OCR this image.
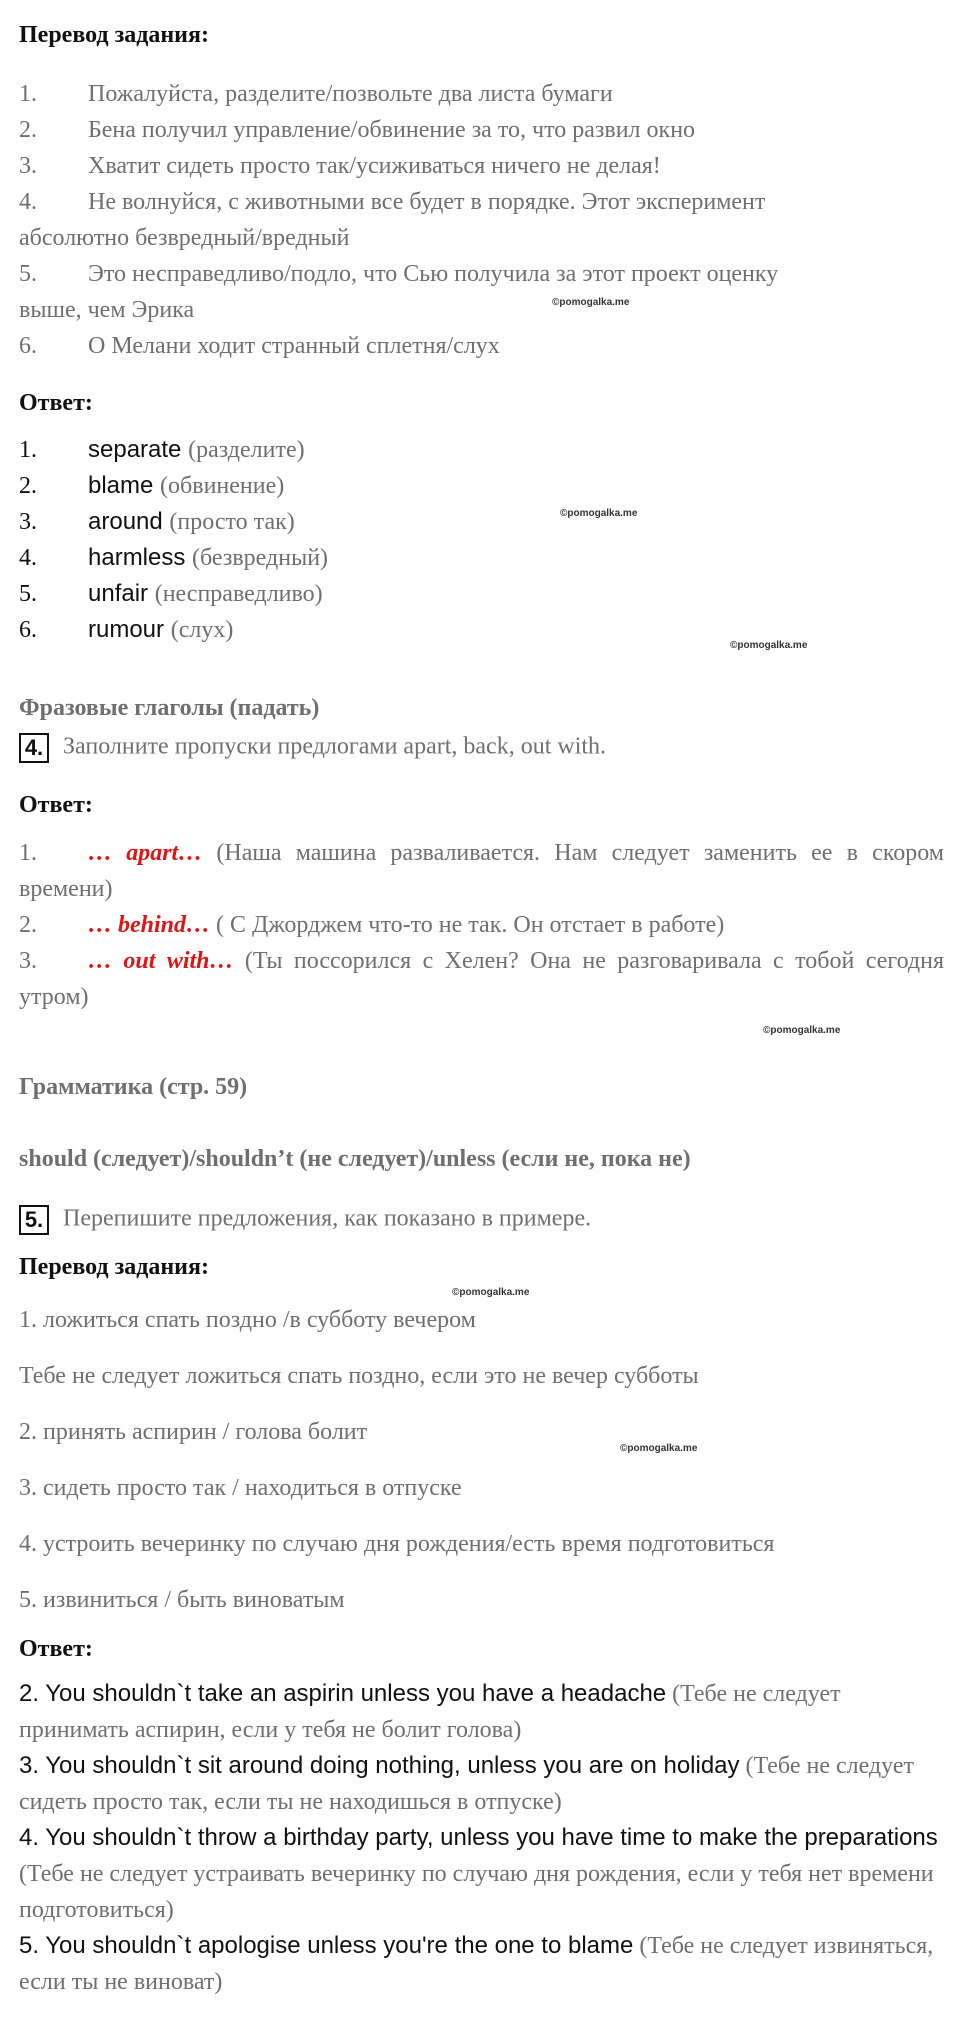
Перевод задания:
1. Пожалуйста, разделите/позвольте два листа бумаги
2. Бена получил управление/обвинение за то, что развил окно
3. Хватит сидеть просто так/усиживаться ничего не делая!
4. Не волнуйся, с животными все будет в порядке. Этот эксперимент
абсолютно безвредный/вредный
5. Это несправедливо/подло, что Сью получила за этот проект оценку
выше, чем Эрика
6. О Мелани ходит странный сплетня/слух
©pomogalka.me
Ответ:
1. separate (разделите)
2. blame (обвинение)
3. around (просто так)
4. harmless (безвредный)
5. unfair (несправедливо)
6. rumour (слух)
©pomogalka.me
©pomogalka.me
Фразовые глаголы (падать)
4. Заполните пропуски предлогами apart, back, out with.
Ответ:
1. … apart… (Наша машина разваливается. Нам следует заменить ее в скором времени)
2. … behind… ( С Джорджем что-то не так. Он отстает в работе)
3. … out with… (Ты поссорился с Хелен? Она не разговаривала с тобой сегодня утром)
©pomogalka.me
Грамматика (стр. 59)
should (следует)/shouldn’t (не следует)/unless (если не, пока не)
5. Перепишите предложения, как показано в примере.
Перевод задания:
©pomogalka.me
1. ложиться спать поздно /в субботу вечером
Тебе не следует ложиться спать поздно, если это не вечер субботы
2. принять аспирин / голова болит
©pomogalka.me
3. сидеть просто так / находиться в отпуске
4. устроить вечеринку по случаю дня рождения/есть время подготовиться
5. извиниться / быть виноватым
Ответ:
2. You shouldn`t take an aspirin unless you have a headache (Тебе не следует принимать аспирин, если у тебя не болит голова)
3. You shouldn`t sit around doing nothing, unless you are on holiday (Тебе не следует сидеть просто так, если ты не находишься в отпуске)
4. You shouldn`t throw a birthday party, unless you have time to make the preparations (Тебе не следует устраивать вечеринку по случаю дня рождения, если у тебя нет времени подготовиться)
5. You shouldn`t apologise unless you're the one to blame (Тебе не следует извиняться, если ты не виноват)
